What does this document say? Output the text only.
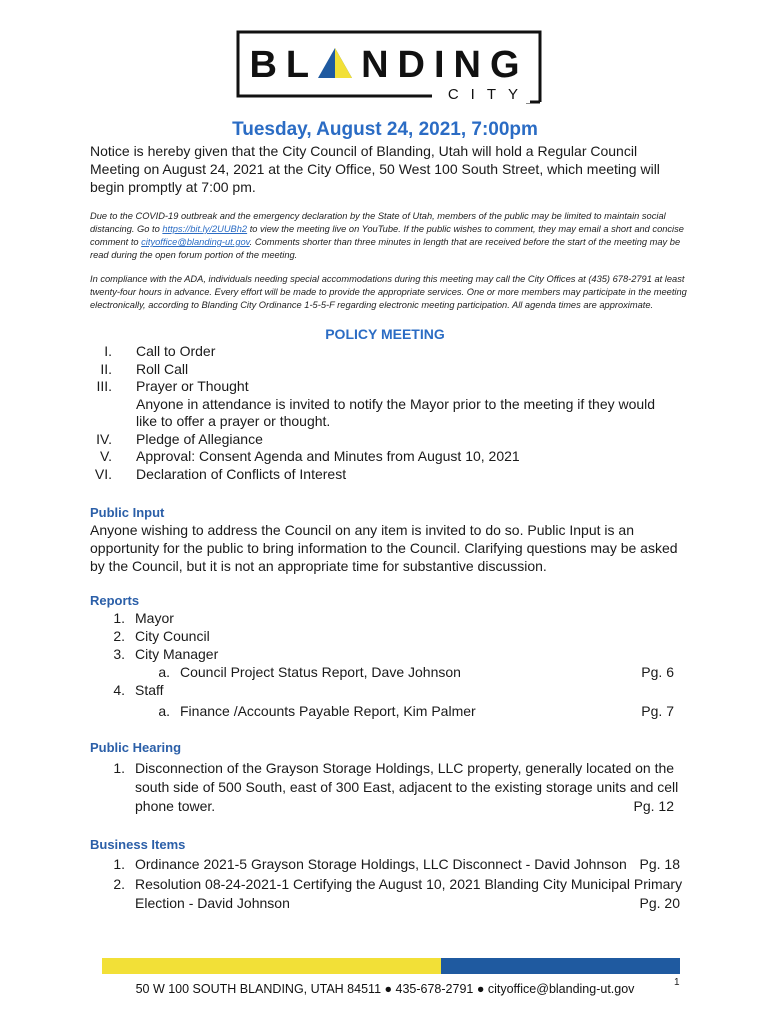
BL NDING
CITY
Tuesday, August 24, 2021, 7:00pm
Notice is hereby given that the City Council of Blanding, Utah will hold a Regular Council Meeting on August 24, 2021 at the City Office, 50 West 100 South Street, which meeting will begin promptly at 7:00 pm.
Due to the COVID-19 outbreak and the emergency declaration by the State of Utah, members of the public may be limited to maintain social distancing. Go to https://bit.ly/2UUBh2 to view the meeting live on YouTube. If the public wishes to comment, they may email a short and concise comment to cityoffice@blanding-ut.gov. Comments shorter than three minutes in length that are received before the start of the meeting may be read during the open forum portion of the meeting.
In compliance with the ADA, individuals needing special accommodations during this meeting may call the City Offices at (435) 678-2791 at least twenty-four hours in advance. Every effort will be made to provide the appropriate services. One or more members may participate in the meeting electronically, according to Blanding City Ordinance 1-5-5-F regarding electronic meeting participation. All agenda times are approximate.
POLICY MEETING
I. Call to Order
II. Roll Call
III. Prayer or Thought
Anyone in attendance is invited to notify the Mayor prior to the meeting if they would like to offer a prayer or thought.
IV. Pledge of Allegiance
V. Approval: Consent Agenda and Minutes from August 10, 2021
VI. Declaration of Conflicts of Interest
Public Input
Anyone wishing to address the Council on any item is invited to do so. Public Input is an opportunity for the public to bring information to the Council. Clarifying questions may be asked by the Council, but it is not an appropriate time for substantive discussion.
Reports
1. Mayor
2. City Council
3. City Manager
a. Council Project Status Report, Dave Johnson	Pg. 6
4. Staff
a. Finance /Accounts Payable Report, Kim Palmer	Pg. 7
Public Hearing
1. Disconnection of the Grayson Storage Holdings, LLC property, generally located on the
south side of 500 South, east of 300 East, adjacent to the existing storage units and cell
phone tower.	Pg. 12
Business Items
1. Ordinance 2021-5 Grayson Storage Holdings, LLC Disconnect - David Johnson Pg. 18
2. Resolution 08-24-2021-1 Certifying the August 10, 2021 Blanding City Municipal Primary
Election - David Johnson	Pg. 20
50 W 100 SOUTH BLANDING, UTAH 84511 ● 435-678-2791 ● cityoffice@blanding-ut.gov	1
